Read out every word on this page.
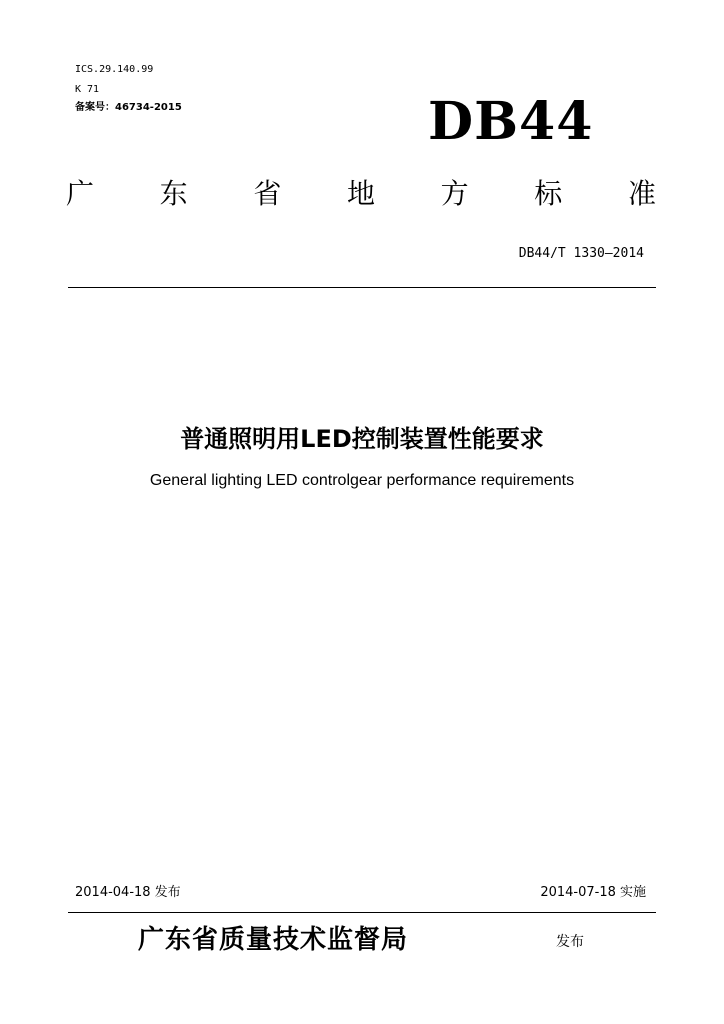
ICS.29.140.99
K 71
备案号：46734-2015	DB44
广 东 省 地 方 标 准
DB44/T 1330—2014
普通照明用LED控制装置性能要求
General lighting LED controlgear performance requirements
2014-04-18 发布	2014-07-18 实施
广东省质量技术监督局	发布
